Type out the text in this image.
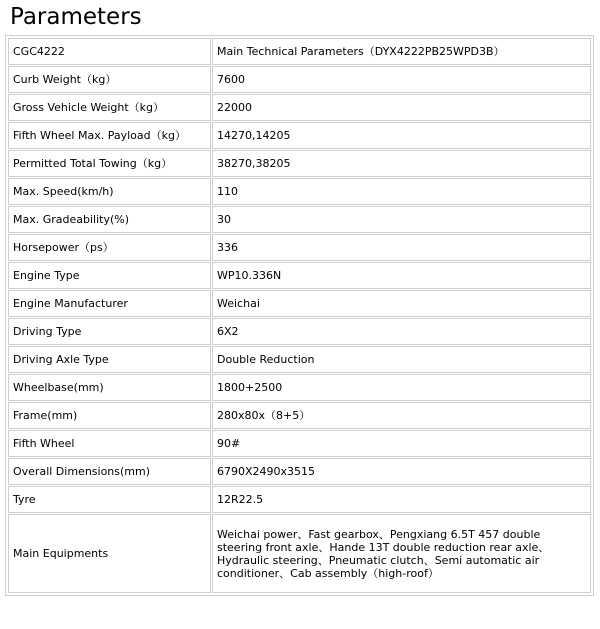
Parameters
CGC4222	Main Technical Parameters（DYX4222PB25WPD3B）
Curb Weight（kg）	7600
Gross Vehicle Weight（kg）	22000
Fifth Wheel Max. Payload（kg）	14270,14205
Permitted Total Towing（kg）	38270,38205
Max. Speed(km/h)	110
Max. Gradeability(%)	30
Horsepower（ps）	336
Engine Type	WP10.336N
Engine Manufacturer	Weichai
Driving Type	6X2
Driving Axle Type	Double Reduction
Wheelbase(mm)	1800+2500
Frame(mm)	280x80x（8+5）
Fifth Wheel	90#
Overall Dimensions(mm)	6790X2490x3515
Tyre	12R22.5
Main Equipments	Weichai power、Fast gearbox、Pengxiang 6.5T 457 double steering front axle、Hande 13T double reduction rear axle、Hydraulic steering、Pneumatic clutch、Semi automatic air conditioner、Cab assembly（high-roof）
